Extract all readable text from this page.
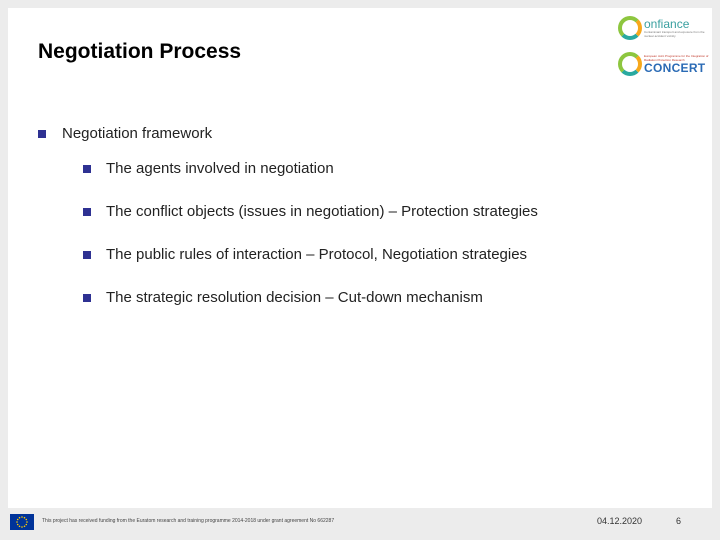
Negotiation Process
onfiance
Contaminant transport and exposure from the nuclear accident vicinity
CONCERT
European Joint Programme for the Integration of Radiation Protection Research
Negotiation framework
The agents involved in negotiation
The conflict objects (issues in negotiation) – Protection strategies
The public rules of interaction – Protocol, Negotiation strategies
The strategic resolution decision – Cut-down mechanism
This project has received funding from the Euratom research and training programme 2014-2018 under grant agreement No 662287	04.12.2020	6
